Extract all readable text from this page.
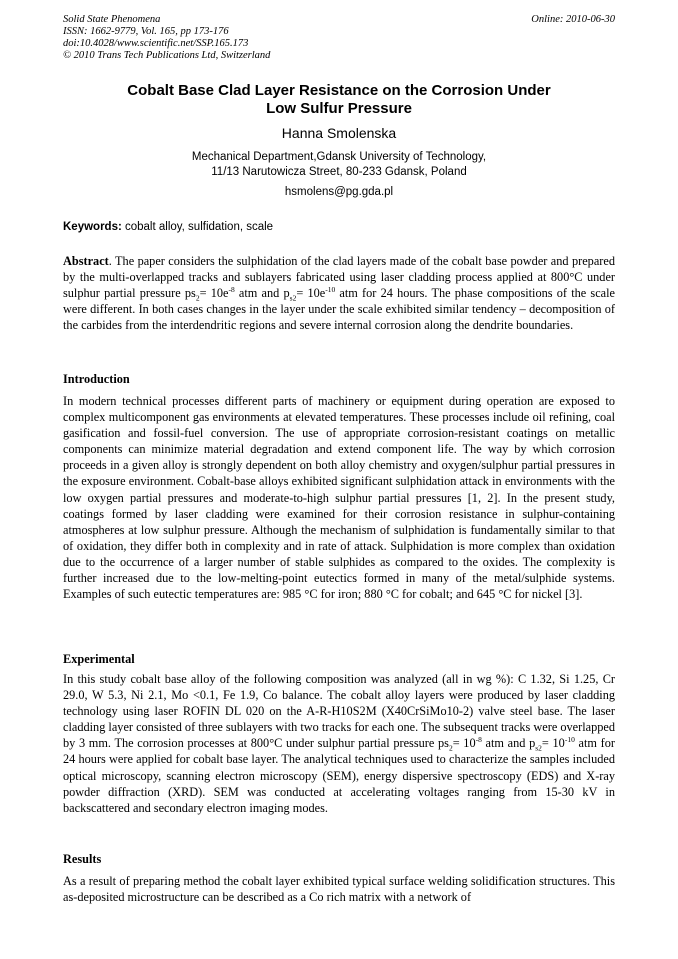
Solid State Phenomena
ISSN: 1662-9779, Vol. 165, pp 173-176
doi:10.4028/www.scientific.net/SSP.165.173
© 2010 Trans Tech Publications Ltd, Switzerland
Online: 2010-06-30
Cobalt Base Clad Layer Resistance on the Corrosion Under
Low Sulfur Pressure
Hanna Smolenska
Mechanical Department,Gdansk University of Technology,
11/13 Narutowicza Street, 80-233 Gdansk, Poland
hsmolens@pg.gda.pl
Keywords: cobalt alloy, sulfidation, scale
Abstract. The paper considers the sulphidation of the clad layers made of the cobalt base powder and prepared by the multi-overlapped tracks and sublayers fabricated using laser cladding process applied at 800°C under sulphur partial pressure $ps_2= 10e^{-8}$ atm and $p_{s2}= 10e^{-10}$ atm for 24 hours. The phase compositions of the scale were different. In both cases changes in the layer under the scale exhibited similar tendency – decomposition of the carbides from the interdendritic regions and severe internal corrosion along the dendrite boundaries.
Introduction
In modern technical processes different parts of machinery or equipment during operation are exposed to complex multicomponent gas environments at elevated temperatures. These processes include oil refining, coal gasification and fossil-fuel conversion. The use of appropriate corrosion-resistant coatings on metallic components can minimize material degradation and extend component life. The way by which corrosion proceeds in a given alloy is strongly dependent on both alloy chemistry and oxygen/sulphur partial pressures in the exposure environment. Cobalt-base alloys exhibited significant sulphidation attack in environments with the low oxygen partial pressures and moderate-to-high sulphur partial pressures [1, 2]. In the present study, coatings formed by laser cladding were examined for their corrosion resistance in sulphur-containing atmospheres at low sulphur pressure. Although the mechanism of sulphidation is fundamentally similar to that of oxidation, they differ both in complexity and in rate of attack. Sulphidation is more complex than oxidation due to the occurrence of a larger number of stable sulphides as compared to the oxides. The complexity is further increased due to the low-melting-point eutectics formed in many of the metal/sulphide systems. Examples of such eutectic temperatures are: 985 °C for iron; 880 °C for cobalt; and 645 °C for nickel [3].
Experimental
In this study cobalt base alloy of the following composition was analyzed (all in wg %): C 1.32, Si 1.25, Cr 29.0, W 5.3, Ni 2.1, Mo <0.1, Fe 1.9, Co balance. The cobalt alloy layers were produced by laser cladding technology using laser ROFIN DL 020 on the A-R-H10S2M (X40CrSiMo10-2) valve steel base. The laser cladding layer consisted of three sublayers with two tracks for each one. The subsequent tracks were overlapped by 3 mm. The corrosion processes at 800°C under sulphur partial pressure $ps_2= 10^{-8}$ atm and $p_{s2}= 10^{-10}$ atm for 24 hours were applied for cobalt base layer. The analytical techniques used to characterize the samples included optical microscopy, scanning electron microscopy (SEM), energy dispersive spectroscopy (EDS) and X-ray powder diffraction (XRD). SEM was conducted at accelerating voltages ranging from 15-30 kV in backscattered and secondary electron imaging modes.
Results
As a result of preparing method the cobalt layer exhibited typical surface welding solidification structures. This as-deposited microstructure can be described as a Co rich matrix with a network of
